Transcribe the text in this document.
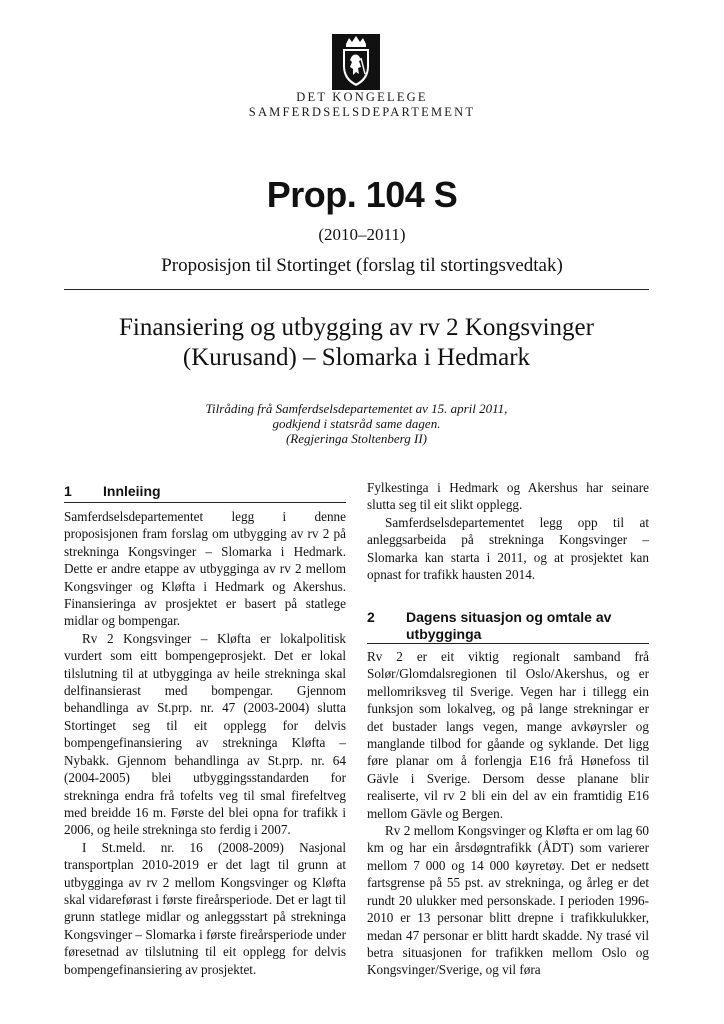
DET KONGELEGE
SAMFERDSELSDEPARTEMENT
Prop. 104 S
(2010–2011)
Proposisjon til Stortinget (forslag til stortingsvedtak)
Finansiering og utbygging av rv 2 Kongsvinger (Kurusand) – Slomarka i Hedmark
Tilråding frå Samferdselsdepartementet av 15. april 2011,
godkjend i statsråd same dagen.
(Regjeringa Stoltenberg II)
1 Innleiing

Samferdselsdepartementet legg i denne proposisjonen fram forslag om utbygging av rv 2 på strekninga Kongsvinger – Slomarka i Hedmark. Dette er andre etappe av utbygginga av rv 2 mellom Kongsvinger og Kløfta i Hedmark og Akershus. Finansieringa av prosjektet er basert på statlege midlar og bompengar.

Rv 2 Kongsvinger – Kløfta er lokalpolitisk vurdert som eitt bompengeprosjekt. Det er lokal tilslutning til at utbygginga av heile strekninga skal delfinansierast med bompengar. Gjennom behandlinga av St.prp. nr. 47 (2003-2004) slutta Stortinget seg til eit opplegg for delvis bompengefinansiering av strekninga Kløfta – Nybakk. Gjennom behandlinga av St.prp. nr. 64 (2004-2005) blei utbyggingsstandarden for strekninga endra frå tofelts veg til smal firefeltveg med breidde 16 m. Første del blei opna for trafikk i 2006, og heile strekninga sto ferdig i 2007.

I St.meld. nr. 16 (2008-2009) Nasjonal transportplan 2010-2019 er det lagt til grunn at utbygginga av rv 2 mellom Kongsvinger og Kløfta skal vidareførast i første fireårsperiode. Det er lagt til grunn statlege midlar og anleggsstart på strekninga Kongsvinger – Slomarka i første fireårsperiode under føresetnad av tilslutning til eit opplegg for delvis bompengefinansiering av prosjektet.

Fylkestinga i Hedmark og Akershus har seinare slutta seg til eit slikt opplegg.

Samferdselsdepartementet legg opp til at anleggsarbeida på strekninga Kongsvinger – Slomarka kan starta i 2011, og at prosjektet kan opnast for trafikk hausten 2014.

2 Dagens situasjon og omtale av
utbygginga

Rv 2 er eit viktig regionalt samband frå Solør/Glomdalsregionen til Oslo/Akershus, og er mellomriksveg til Sverige. Vegen har i tillegg ein funksjon som lokalveg, og på lange strekningar er det bustader langs vegen, mange avkøyrsler og manglande tilbod for gåande og syklande. Det ligg føre planar om å forlengja E16 frå Hønefoss til Gävle i Sverige. Dersom desse planane blir realiserte, vil rv 2 bli ein del av ein framtidig E16 mellom Gävle og Bergen.

Rv 2 mellom Kongsvinger og Kløfta er om lag 60 km og har ein årsdøgntrafikk (ÅDT) som varierer mellom 7 000 og 14 000 køyretøy. Det er nedsett fartsgrense på 55 pst. av strekninga, og årleg er det rundt 20 ulukker med personskade. I perioden 1996-2010 er 13 personar blitt drepne i trafikkulukker, medan 47 personar er blitt hardt skadde. Ny trasé vil betra situasjonen for trafikken mellom Oslo og Kongsvinger/Sverige, og vil føra
